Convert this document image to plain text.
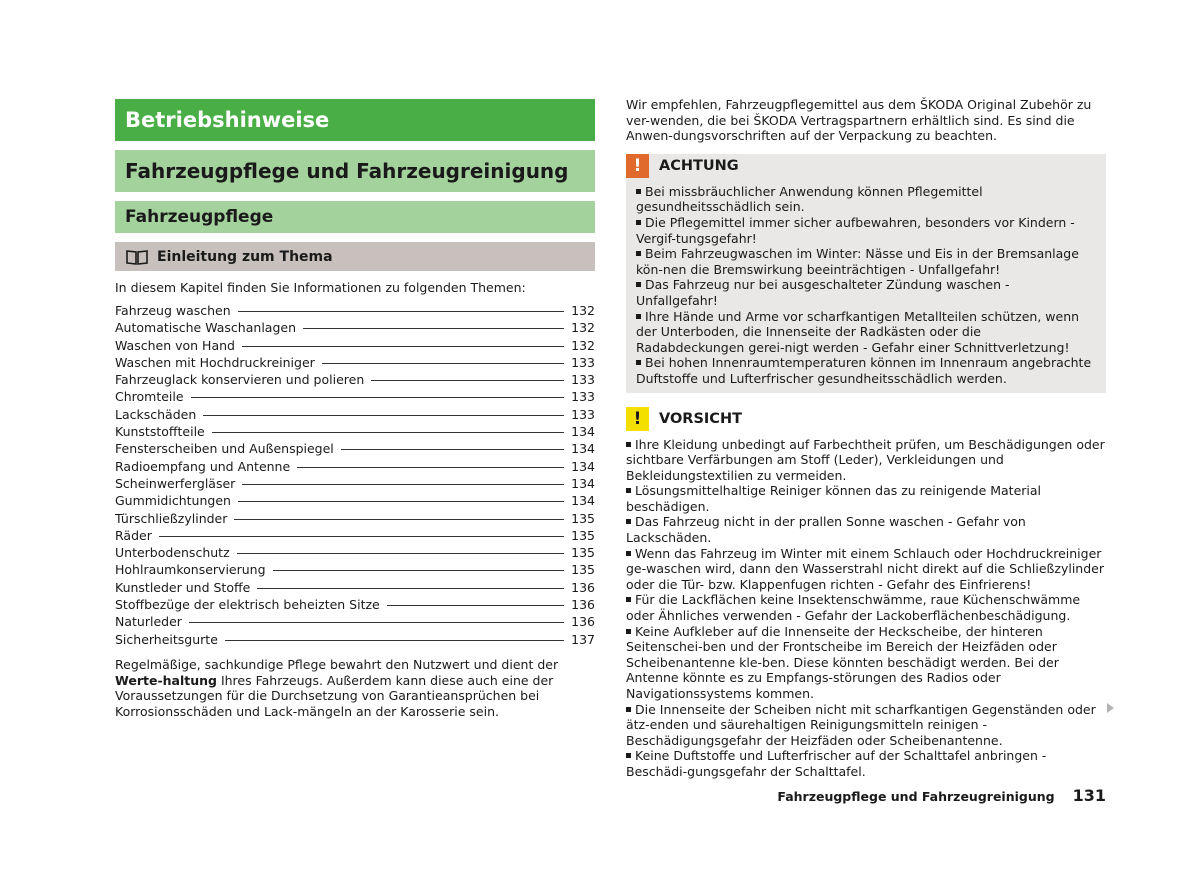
Betriebshinweise
Fahrzeugpflege und Fahrzeugreinigung
Fahrzeugpflege
Einleitung zum Thema
In diesem Kapitel finden Sie Informationen zu folgenden Themen:
Fahrzeug waschen	132
Automatische Waschanlagen	132
Waschen von Hand	132
Waschen mit Hochdruckreiniger	133
Fahrzeuglack konservieren und polieren	133
Chromteile	133
Lackschäden	133
Kunststoffteile	134
Fensterscheiben und Außenspiegel	134
Radioempfang und Antenne	134
Scheinwerfergläser	134
Gummidichtungen	134
Türschließzylinder	135
Räder	135
Unterbodenschutz	135
Hohlraumkonservierung	135
Kunstleder und Stoffe	136
Stoffbezüge der elektrisch beheizten Sitze	136
Naturleder	136
Sicherheitsgurte	137
Regelmäßige, sachkundige Pflege bewahrt den Nutzwert und dient der Werte-haltung Ihres Fahrzeugs. Außerdem kann diese auch eine der Voraussetzungen für die Durchsetzung von Garantieansprüchen bei Korrosionsschäden und Lack-mängeln an der Karosserie sein.
Wir empfehlen, Fahrzeugpflegemittel aus dem ŠKODA Original Zubehör zu ver-wenden, die bei ŠKODA Vertragspartnern erhältlich sind. Es sind die Anwen-dungsvorschriften auf der Verpackung zu beachten.
!	ACHTUNG
Bei missbräuchlicher Anwendung können Pflegemittel gesundheitsschädlich sein.
Die Pflegemittel immer sicher aufbewahren, besonders vor Kindern - Vergif-tungsgefahr!
Beim Fahrzeugwaschen im Winter: Nässe und Eis in der Bremsanlage kön-nen die Bremswirkung beeinträchtigen - Unfallgefahr!
Das Fahrzeug nur bei ausgeschalteter Zündung waschen - Unfallgefahr!
Ihre Hände und Arme vor scharfkantigen Metallteilen schützen, wenn der Unterboden, die Innenseite der Radkästen oder die Radabdeckungen gerei-nigt werden - Gefahr einer Schnittverletzung!
Bei hohen Innenraumtemperaturen können im Innenraum angebrachte Duftstoffe und Lufterfrischer gesundheitsschädlich werden.
!	VORSICHT
Ihre Kleidung unbedingt auf Farbechtheit prüfen, um Beschädigungen oder sichtbare Verfärbungen am Stoff (Leder), Verkleidungen und Bekleidungstextilien zu vermeiden.
Lösungsmittelhaltige Reiniger können das zu reinigende Material beschädigen.
Das Fahrzeug nicht in der prallen Sonne waschen - Gefahr von Lackschäden.
Wenn das Fahrzeug im Winter mit einem Schlauch oder Hochdruckreiniger ge-waschen wird, dann den Wasserstrahl nicht direkt auf die Schließzylinder oder die Tür- bzw. Klappenfugen richten - Gefahr des Einfrierens!
Für die Lackflächen keine Insektenschwämme, raue Küchenschwämme oder Ähnliches verwenden - Gefahr der Lackoberflächenbeschädigung.
Keine Aufkleber auf die Innenseite der Heckscheibe, der hinteren Seitenschei-ben und der Frontscheibe im Bereich der Heizfäden oder Scheibenantenne kle-ben. Diese könnten beschädigt werden. Bei der Antenne könnte es zu Empfangs-störungen des Radios oder Navigationssystems kommen.
Die Innenseite der Scheiben nicht mit scharfkantigen Gegenständen oder ätz-enden und säurehaltigen Reinigungsmitteln reinigen - Beschädigungsgefahr der Heizfäden oder Scheibenantenne.
Keine Duftstoffe und Lufterfrischer auf der Schalttafel anbringen - Beschädi-gungsgefahr der Schalttafel.
Fahrzeugpflege und Fahrzeugreinigung 131
